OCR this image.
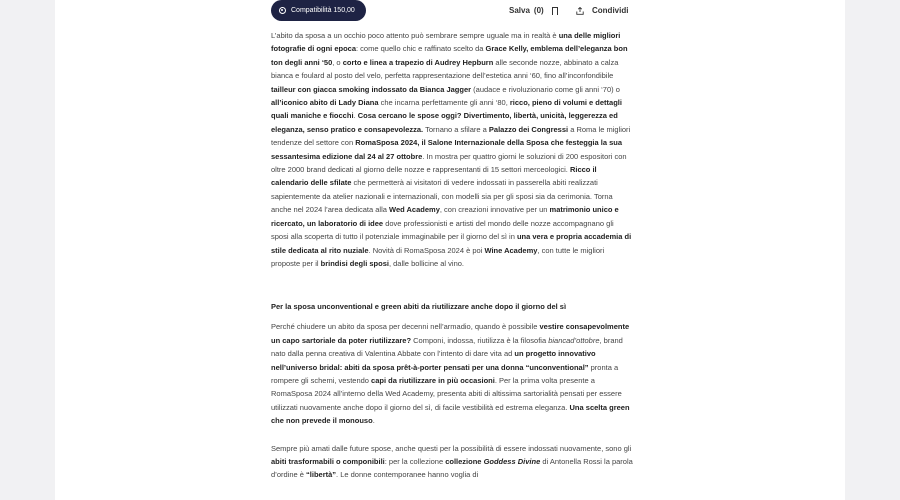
Compatibilità 150,00	Salva (0)	Condividi

L’abito da sposa a un occhio poco attento può sembrare sempre uguale ma in realtà è una delle migliori fotografie di ogni epoca: come quello chic e raffinato scelto da Grace Kelly, emblema dell’eleganza bon ton degli anni ‘50, o corto e linea a trapezio di Audrey Hepburn alle seconde nozze, abbinato a calza bianca e foulard al posto del velo, perfetta rappresentazione dell’estetica anni ‘60, fino all’inconfondibile tailleur con giacca smoking indossato da Bianca Jagger (audace e rivoluzionario come gli anni ‘70) o all’iconico abito di Lady Diana che incarna perfettamente gli anni ‘80, ricco, pieno di volumi e dettagli quali maniche e fiocchi. Cosa cercano le spose oggi? Divertimento, libertà, unicità, leggerezza ed eleganza, senso pratico e consapevolezza. Tornano a sfilare a Palazzo dei Congressi a Roma le migliori tendenze del settore con RomaSposa 2024, il Salone Internazionale della Sposa che festeggia la sua sessantesima edizione dal 24 al 27 ottobre. In mostra per quattro giorni le soluzioni di 200 espositori con oltre 2000 brand dedicati al giorno delle nozze e rappresentanti di 15 settori merceologici. Ricco il calendario delle sfilate che permetterà ai visitatori di vedere indossati in passerella abiti realizzati sapientemente da atelier nazionali e internazionali, con modelli sia per gli sposi sia da cerimonia. Torna anche nel 2024 l’area dedicata alla Wed Academy, con creazioni innovative per un matrimonio unico e ricercato, un laboratorio di idee dove professionisti e artisti del mondo delle nozze accompagnano gli sposi alla scoperta di tutto il potenziale immaginabile per il giorno del sì in una vera e propria accademia di stile dedicata al rito nuziale. Novità di RomaSposa 2024 è poi Wine Academy, con tutte le migliori proposte per il brindisi degli sposi, dalle bollicine al vino.

Per la sposa unconventional e green abiti da riutilizzare anche dopo il giorno del sì

Perché chiudere un abito da sposa per decenni nell’armadio, quando è possibile vestire consapevolmente un capo sartoriale da poter riutilizzare? Componi, indossa, riutilizza è la filosofia biancad’ottobre, brand nato dalla penna creativa di Valentina Abbate con l’intento di dare vita ad un progetto innovativo nell’universo bridal: abiti da sposa prêt-à-porter pensati per una donna “unconventional” pronta a rompere gli schemi, vestendo capi da riutilizzare in più occasioni. Per la prima volta presente a RomaSposa 2024 all’interno della Wed Academy, presenta abiti di altissima sartorialità pensati per essere utilizzati nuovamente anche dopo il giorno del sì, di facile vestibilità ed estrema eleganza. Una scelta green che non prevede il monouso.

Sempre più amati dalle future spose, anche questi per la possibilità di essere indossati nuovamente, sono gli abiti trasformabili o componibili: per la collezione collezione Goddess Divine di Antonella Rossi la parola d’ordine è “libertà”. Le donne contemporanee hanno voglia di
